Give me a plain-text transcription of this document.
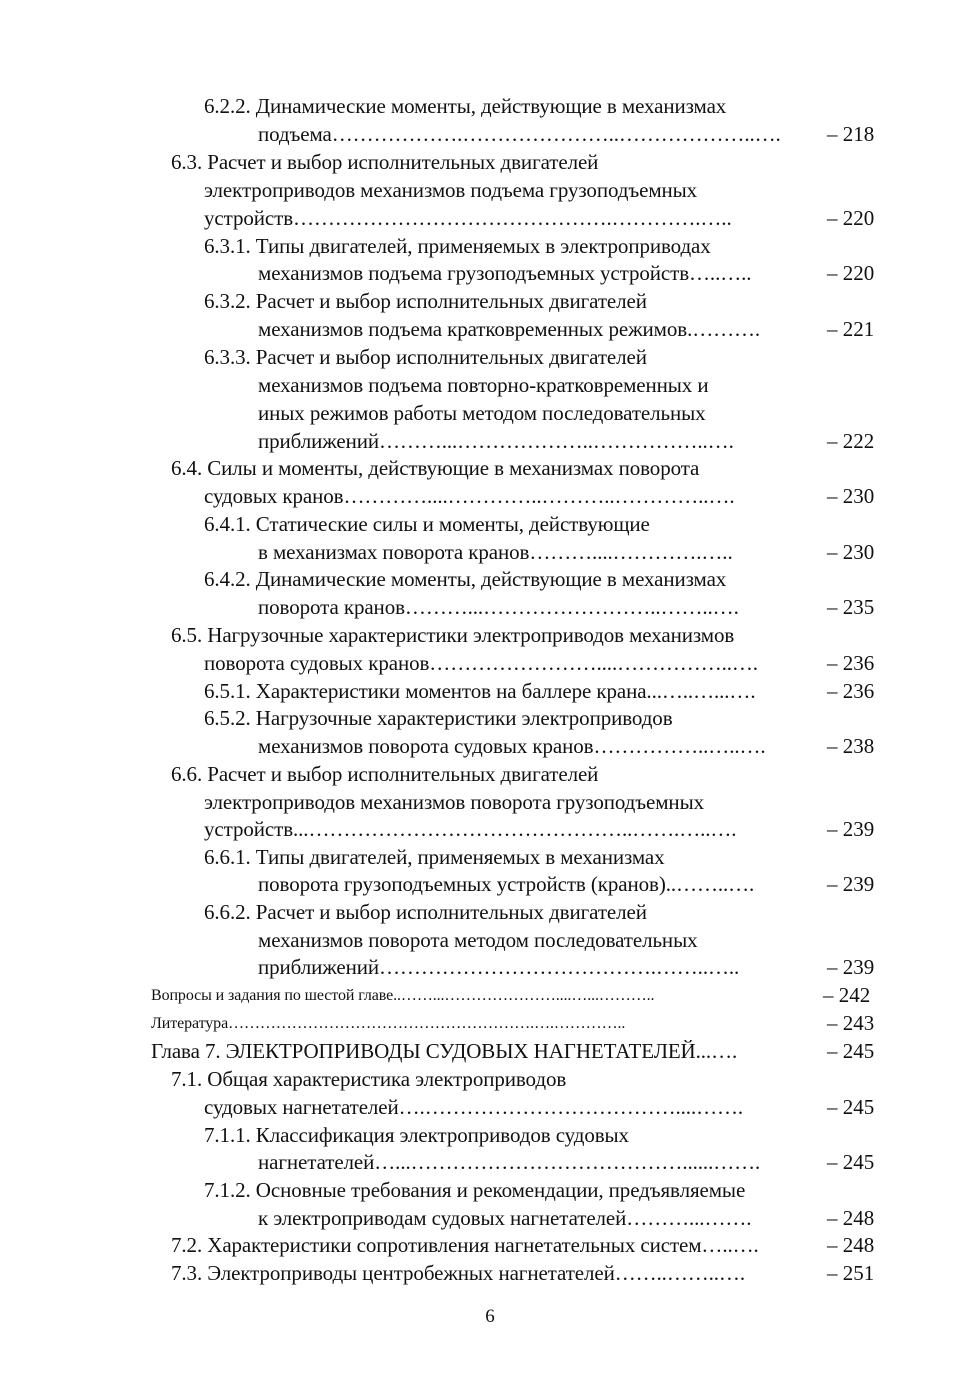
6.2.2. Динамические моменты, действующие в механизмах
подъема……………….…………………..………………..…. – 218
6.3. Расчет и выбор исполнительных двигателей
электроприводов механизмов подъема грузоподъемных
устройств……………………………………….………….…..	– 220
6.3.1. Типы двигателей, применяемых в электроприводах
механизмов подъема грузоподъемных устройств…..…..	– 220
6.3.2. Расчет и выбор исполнительных двигателей
механизмов подъема кратковременных режимов.……….	– 221
6.3.3. Расчет и выбор исполнительных двигателей
механизмов подъема повторно-кратковременных и
иных режимов работы методом последовательных
приближений………...………………..……………..….	– 222
6.4. Силы и моменты, действующие в механизмах поворота
судовых кранов…………....…………..………..…………..….	– 230
6.4.1. Статические силы и моменты, действующие
в механизмах поворота кранов………....………….…..	– 230
6.4.2. Динамические моменты, действующие в механизмах
поворота кранов………...……………………..……..….	– 235
6.5. Нагрузочные характеристики электроприводов механизмов
поворота судовых кранов……………………....……………..….	– 236
6.5.1. Характеристики моментов на баллере крана...…..…...….	– 236
6.5.2. Нагрузочные характеристики электроприводов
механизмов поворота судовых кранов……………..…..….	– 238
6.6. Расчет и выбор исполнительных двигателей
электроприводов механизмов поворота грузоподъемных
устройств...………………………………………..…….…..….	– 239
6.6.1. Типы двигателей, применяемых в механизмах
поворота грузоподъемных устройств (кранов)..……..….	– 239
6.6.2. Расчет и выбор исполнительных двигателей
механизмов поворота методом последовательных
приближений………………………………….……..…..	– 239
Вопросы и задания по шестой главе..……...…………………....…...………..	– 242
Литература………………………………………………….….…………..	– 243
Глава 7. ЭЛЕКТРОПРИВОДЫ СУДОВЫХ НАГНЕТАТЕЛЕЙ...….	– 245
7.1. Общая характеристика электроприводов
судовых нагнетателей….………………………………....…….	– 245
7.1.1. Классификация электроприводов судовых
нагнетателей…...…………………………………......…….	– 245
7.1.2. Основные требования и рекомендации, предъявляемые
к электроприводам судовых нагнетателей………...…….	– 248
7.2. Характеристики сопротивления нагнетательных систем…..….	– 248
7.3. Электроприводы центробежных нагнетателей……..……..….	– 251
6
